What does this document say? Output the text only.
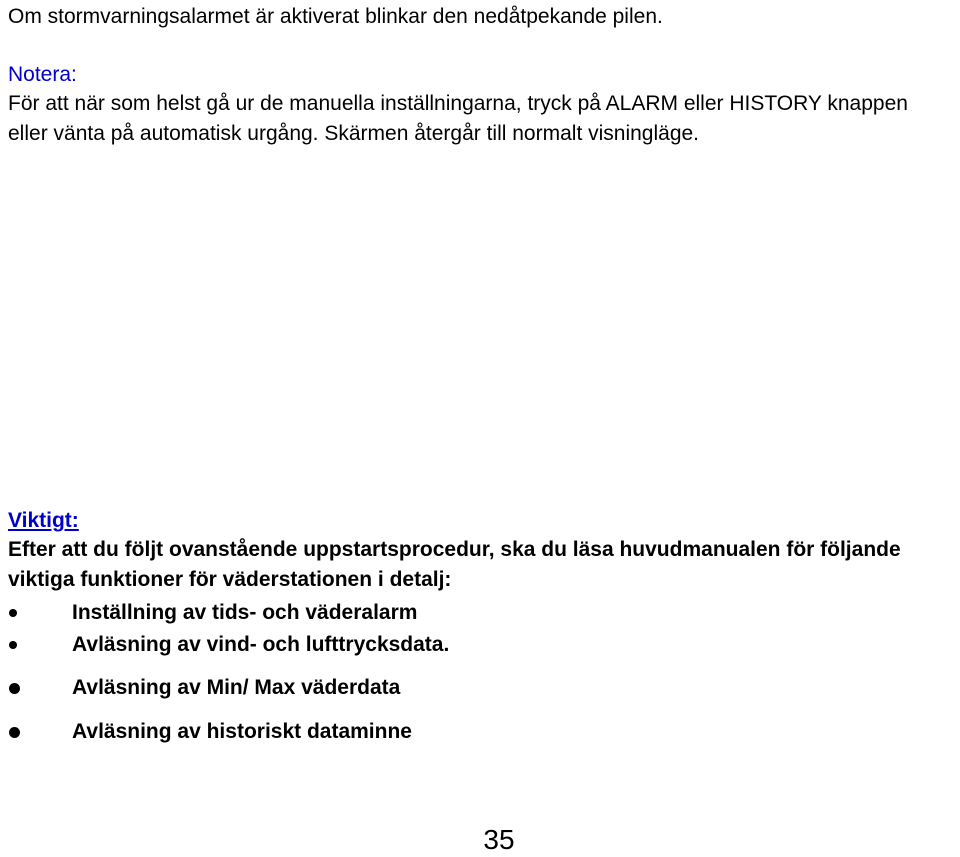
Om stormvarningsalarmet är aktiverat blinkar den nedåtpekande pilen.

Notera:

För att när som helst gå ur de manuella inställningarna, tryck på ALARM eller HISTORY knappen eller vänta på automatisk urgång. Skärmen återgår till normalt visningläge.

Viktigt:

Efter att du följt ovanstående uppstartsprocedur, ska du läsa huvudmanualen för följande viktiga funktioner för väderstationen i detalj:

Inställning av tids- och väderalarm
Avläsning av vind- och lufttrycksdata.
Avläsning av Min/ Max väderdata
Avläsning av historiskt dataminne
35
